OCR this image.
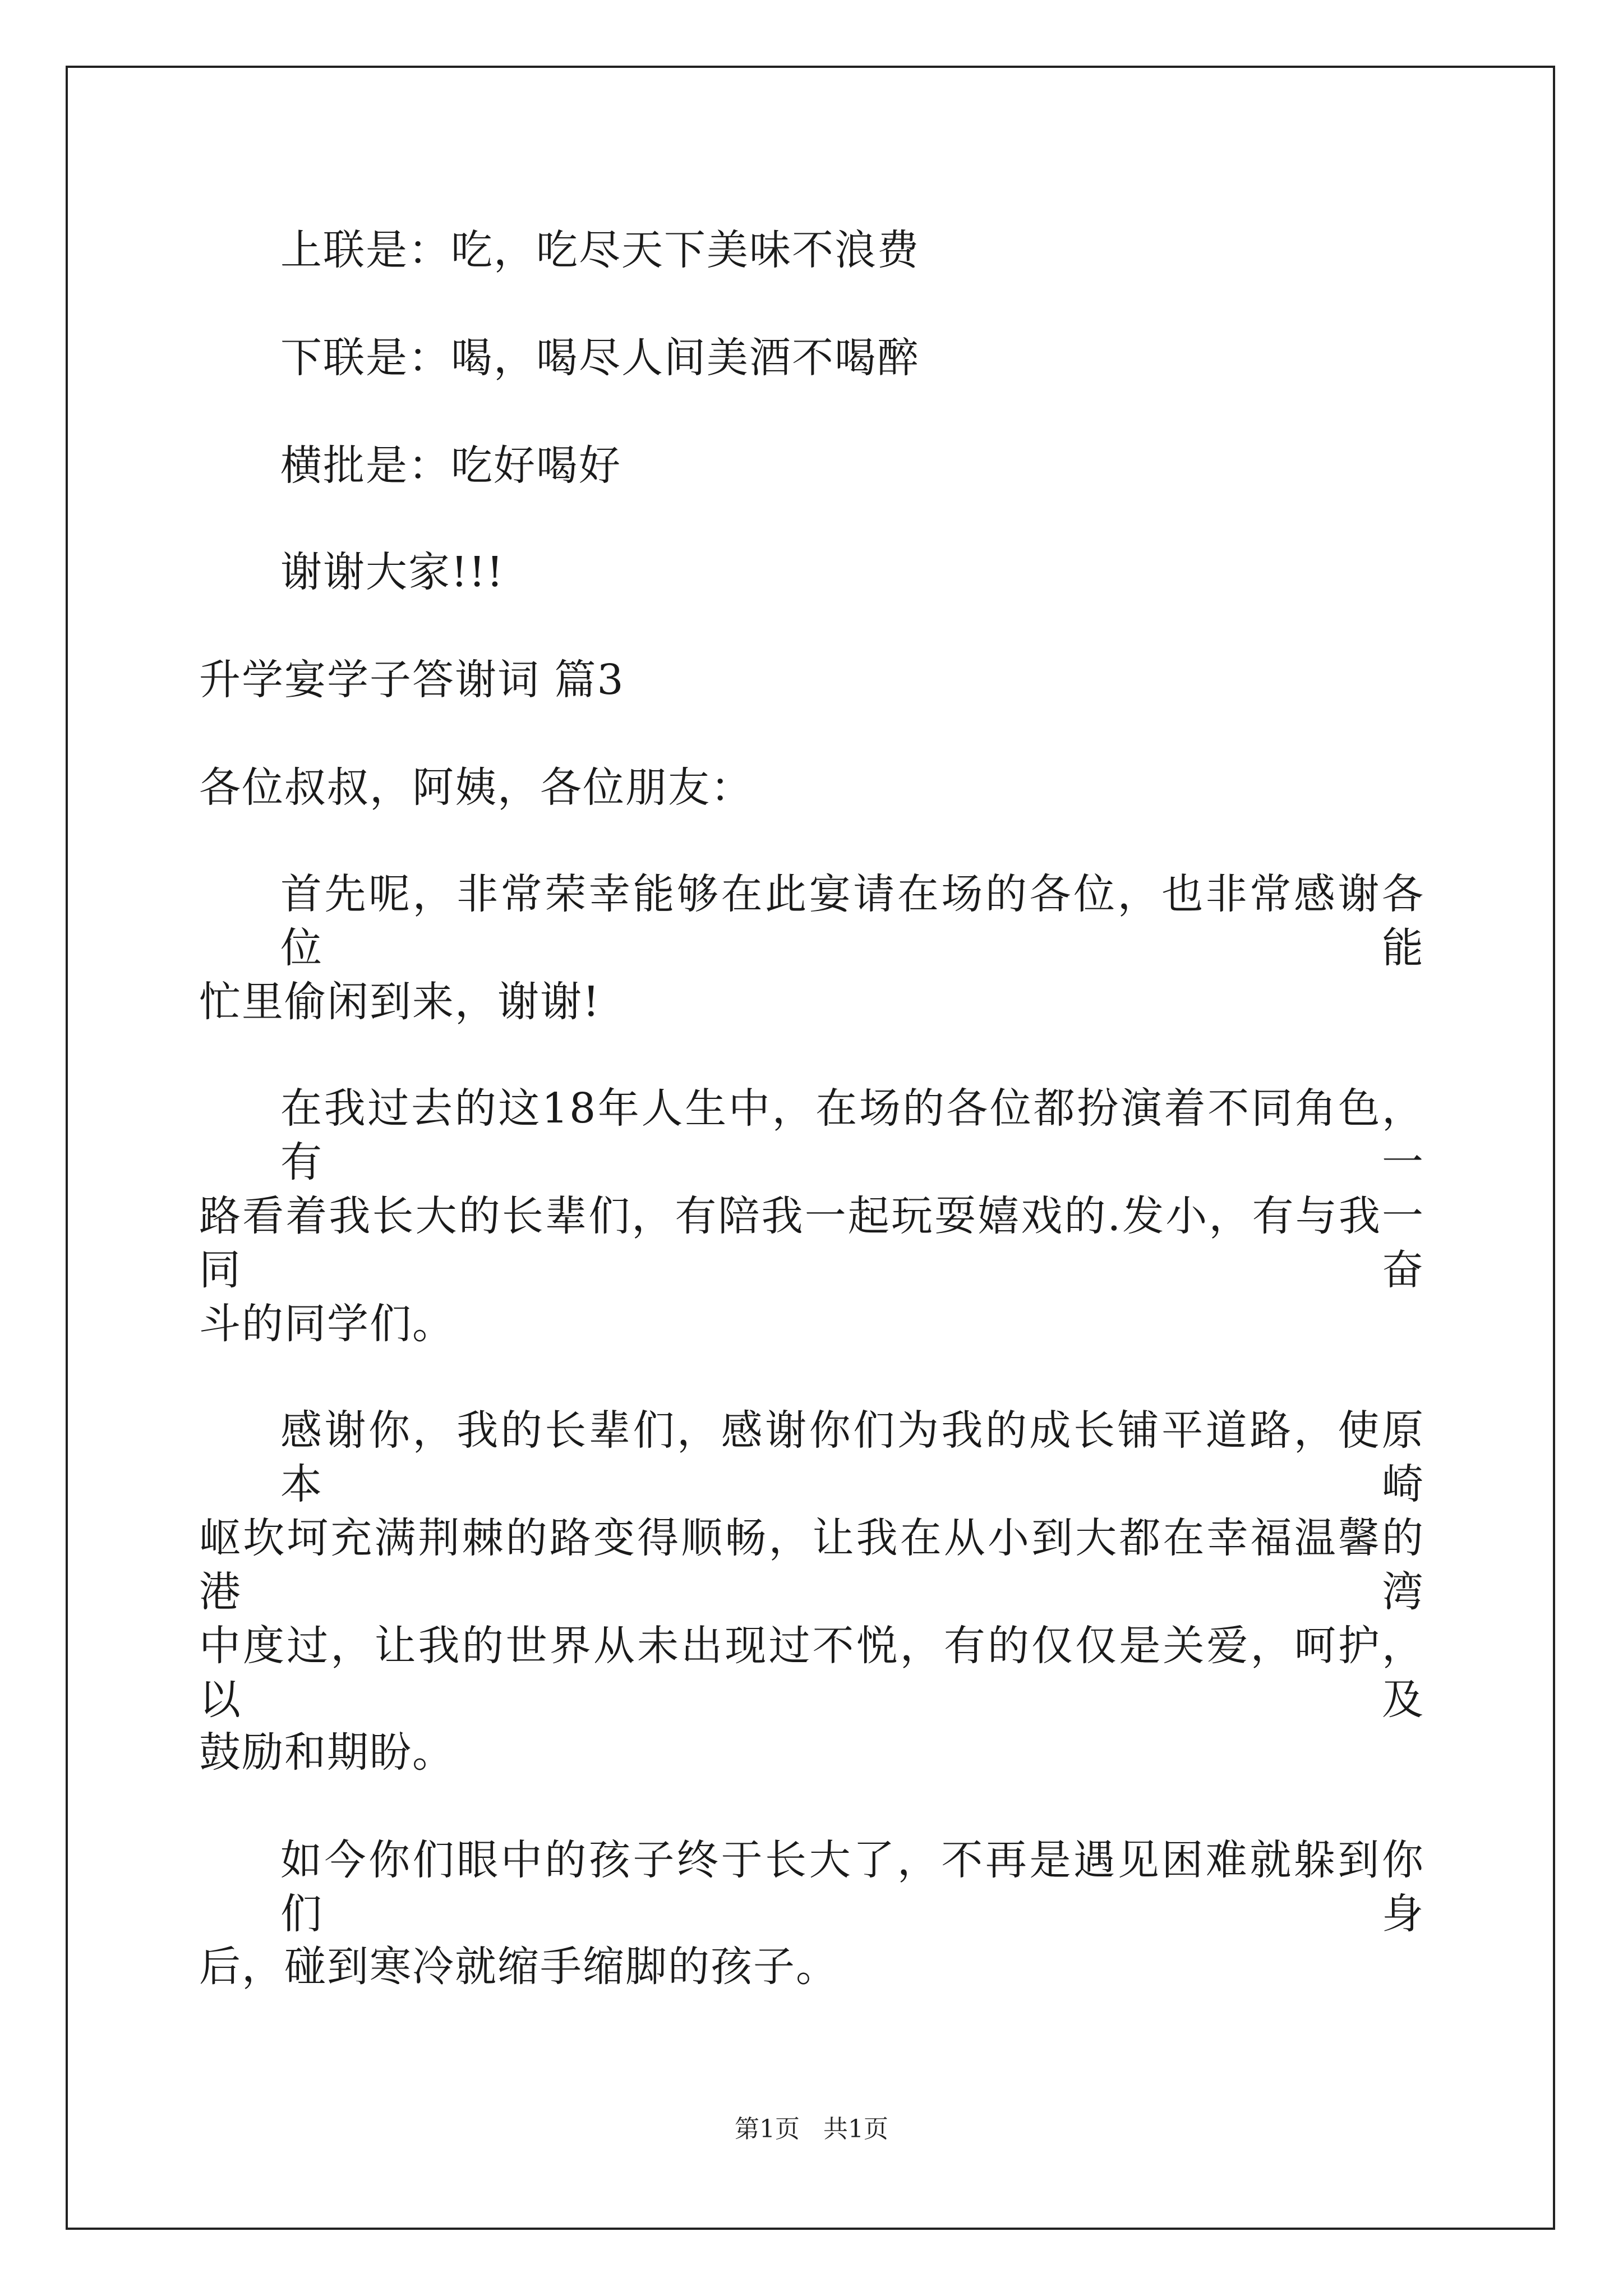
上联是：吃，吃尽天下美味不浪费
下联是：喝，喝尽人间美酒不喝醉
横批是：吃好喝好
谢谢大家!!!
升学宴学子答谢词 篇3
各位叔叔，阿姨，各位朋友：
首先呢，非常荣幸能够在此宴请在场的各位，也非常感谢各位能
忙里偷闲到来，谢谢!
在我过去的这18年人生中，在场的各位都扮演着不同角色，有一
路看着我长大的长辈们，有陪我一起玩耍嬉戏的.发小，有与我一同奋
斗的同学们。
感谢你，我的长辈们，感谢你们为我的成长铺平道路，使原本崎
岖坎坷充满荆棘的路变得顺畅，让我在从小到大都在幸福温馨的港湾
中度过，让我的世界从未出现过不悦，有的仅仅是关爱，呵护，以及
鼓励和期盼。
如今你们眼中的孩子终于长大了，不再是遇见困难就躲到你们身
后，碰到寒冷就缩手缩脚的孩子。
第1页   共1页
